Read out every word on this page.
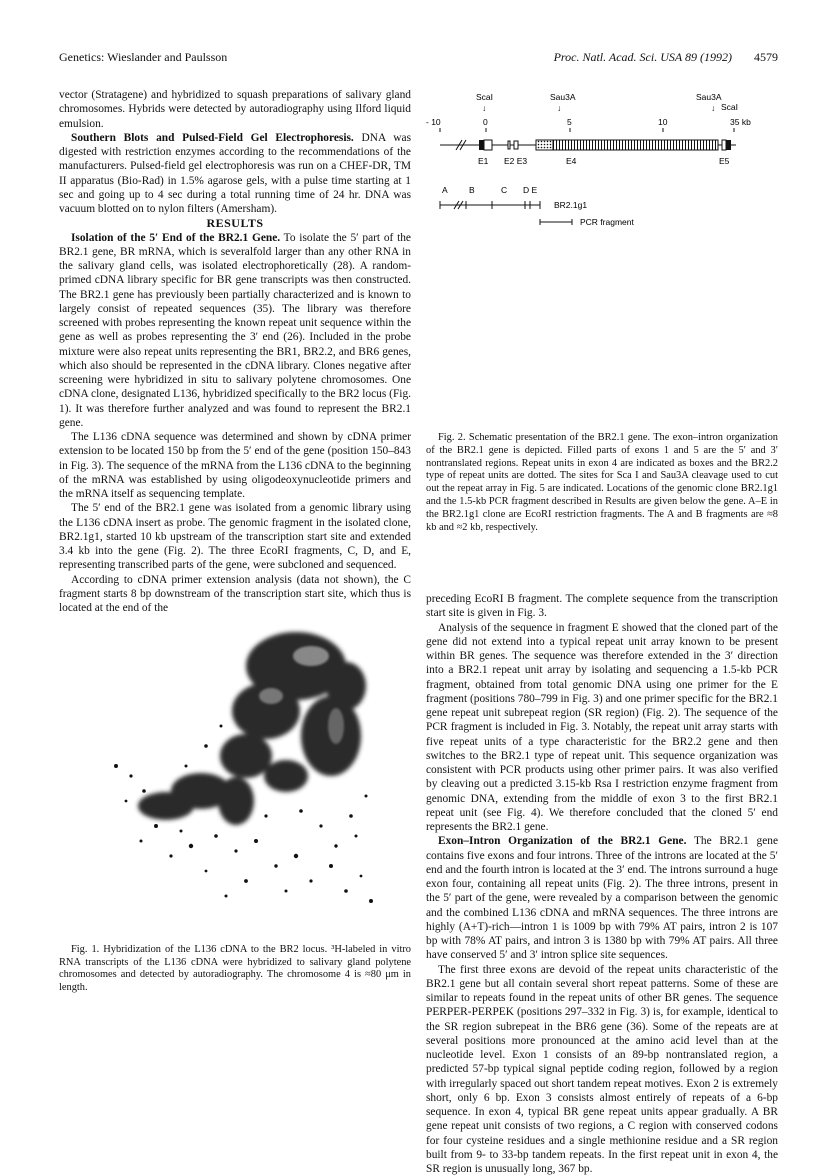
Genetics: Wieslander and Paulsson	Proc. Natl. Acad. Sci. USA 89 (1992) 4579

vector (Stratagene) and hybridized to squash preparations of salivary gland chromosomes. Hybrids were detected by autoradiography using Ilford liquid emulsion.

Southern Blots and Pulsed-Field Gel Electrophoresis. DNA was digested with restriction enzymes according to the recommendations of the manufacturers. Pulsed-field gel electrophoresis was run on a CHEF-DR, TM II apparatus (Bio-Rad) in 1.5% agarose gels, with a pulse time starting at 1 sec and going up to 4 sec during a total running time of 24 hr. DNA was vacuum blotted on to nylon filters (Amersham).

RESULTS

Isolation of the 5′ End of the BR2.1 Gene. To isolate the 5′ part of the BR2.1 gene, BR mRNA, which is severalfold larger than any other RNA in the salivary gland cells, was isolated electrophoretically (28). A random-primed cDNA library specific for BR gene transcripts was then constructed. The BR2.1 gene has previously been partially characterized and is known to largely consist of repeated sequences (35). The library was therefore screened with probes representing the known repeat unit sequence within the gene as well as probes representing the 3′ end (26). Included in the probe mixture were also repeat units representing the BR1, BR2.2, and BR6 genes, which also should be represented in the cDNA library. Clones negative after screening were hybridized in situ to salivary polytene chromosomes. One cDNA clone, designated L136, hybridized specifically to the BR2 locus (Fig. 1). It was therefore further analyzed and was found to represent the BR2.1 gene.

The L136 cDNA sequence was determined and shown by cDNA primer extension to be located 150 bp from the 5′ end of the gene (position 150–843 in Fig. 3). The sequence of the mRNA from the L136 cDNA to the beginning of the mRNA was established by using oligodeoxynucleotide primers and the mRNA itself as sequencing template.

The 5′ end of the BR2.1 gene was isolated from a genomic library using the L136 cDNA insert as probe. The genomic fragment in the isolated clone, BR2.1g1, started 10 kb upstream of the transcription start site and extended 3.4 kb into the gene (Fig. 2). The three EcoRI fragments, C, D, and E, representing transcribed parts of the gene, were subcloned and sequenced.

According to cDNA primer extension analysis (data not shown), the C fragment starts 8 bp downstream of the transcription start site, which thus is located at the end of the

Fig. 1. Hybridization of the L136 cDNA to the BR2 locus. ³H-labeled in vitro RNA transcripts of the L136 cDNA were hybridized to salivary gland polytene chromosomes and detected by autoradiography. The chromosome 4 is ≈80 μm in length.

ScaI
↓
Sau3A
↓
Sau3A
↓ ScaI
- 10	0	5	10	35 kb
E1 E2 E3	E4	E5
A	B	C D E
BR2.1g1
PCR fragment

Fig. 2. Schematic presentation of the BR2.1 gene. The exon–intron organization of the BR2.1 gene is depicted. Filled parts of exons 1 and 5 are the 5′ and 3′ nontranslated regions. Repeat units in exon 4 are indicated as boxes and the BR2.2 type of repeat units are dotted. The sites for Sca I and Sau3A cleavage used to cut out the repeat array in Fig. 5 are indicated. Locations of the genomic clone BR2.1g1 and the 1.5-kb PCR fragment described in Results are given below the gene. A–E in the BR2.1g1 clone are EcoRI restriction fragments. The A and B fragments are ≈8 kb and ≈2 kb, respectively.

preceding EcoRI B fragment. The complete sequence from the transcription start site is given in Fig. 3.

Analysis of the sequence in fragment E showed that the cloned part of the gene did not extend into a typical repeat unit array known to be present within BR genes. The sequence was therefore extended in the 3′ direction into a BR2.1 repeat unit array by isolating and sequencing a 1.5-kb PCR fragment, obtained from total genomic DNA using one primer for the E fragment (positions 780–799 in Fig. 3) and one primer specific for the BR2.1 gene repeat unit subrepeat region (SR region) (Fig. 2). The sequence of the PCR fragment is included in Fig. 3. Notably, the repeat unit array starts with five repeat units of a type characteristic for the BR2.2 gene and then switches to the BR2.1 type of repeat unit. This sequence organization was consistent with PCR products using other primer pairs. It was also verified by cleaving out a predicted 3.15-kb Rsa I restriction enzyme fragment from genomic DNA, extending from the middle of exon 3 to the first BR2.1 repeat unit (see Fig. 4). We therefore concluded that the cloned 5′ end represents the BR2.1 gene.

Exon–Intron Organization of the BR2.1 Gene. The BR2.1 gene contains five exons and four introns. Three of the introns are located at the 5′ end and the fourth intron is located at the 3′ end. The introns surround a huge exon four, containing all repeat units (Fig. 2). The three introns, present in the 5′ part of the gene, were revealed by a comparison between the genomic and the combined L136 cDNA and mRNA sequences. The three introns are highly (A+T)-rich—intron 1 is 1009 bp with 79% AT pairs, intron 2 is 107 bp with 78% AT pairs, and intron 3 is 1380 bp with 79% AT pairs. All three have conserved 5′ and 3′ intron splice site sequences.

The first three exons are devoid of the repeat units characteristic of the BR2.1 gene but all contain several short repeat patterns. Some of these are similar to repeats found in the repeat units of other BR genes. The sequence PERPER-PERPEK (positions 297–332 in Fig. 3) is, for example, identical to the SR region subrepeat in the BR6 gene (36). Some of the repeats are at several positions more pronounced at the amino acid level than at the nucleotide level. Exon 1 consists of an 89-bp nontranslated region, a predicted 57-bp typical signal peptide coding region, followed by a region with irregularly spaced out short tandem repeat motives. Exon 2 is extremely short, only 6 bp. Exon 3 consists almost entirely of repeats of a 6-bp sequence. In exon 4, typical BR gene repeat units appear gradually. A BR gene repeat unit consists of two regions, a C region with conserved codons for four cysteine residues and a single methionine residue and a SR region built from 9- to 33-bp tandem repeats. In the first repeat unit in exon 4, the SR region is unusually long, 367 bp.
